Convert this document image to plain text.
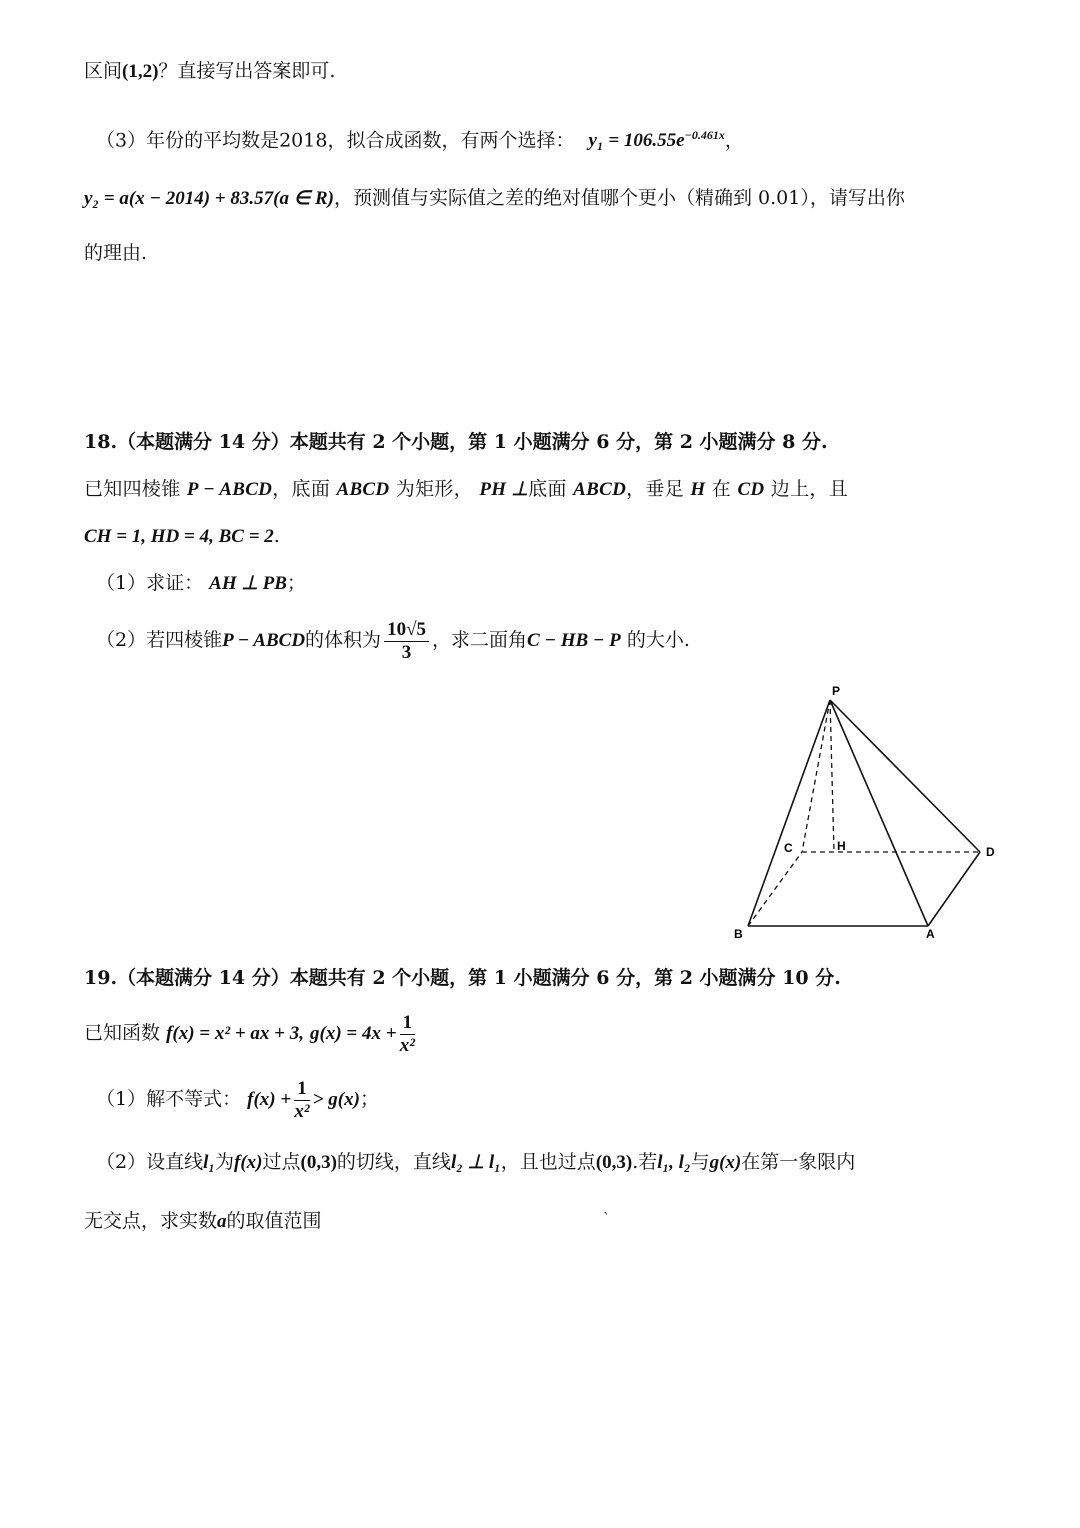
区间(1,2)？直接写出答案即可.
（3）年份的平均数是2018，拟合成函数，有两个选择： $y_1 = 106.55e^{-0.461x}$，
y₂ = a(x − 2014) + 83.57(a ∈ R)，预测值与实际值之差的绝对值哪个更小（精确到 0.01），请写出你
的理由.
18.（本题满分 14 分）本题共有 2 个小题，第 1 小题满分 6 分，第 2 小题满分 8 分.
已知四棱锥 P − ABCD，底面 ABCD 为矩形， PH ⊥底面 ABCD，垂足 H 在 CD 边上，且
CH = 1, HD = 4, BC = 2.
（1）求证： AH ⊥ PB；
（2）若四棱锥P − ABCD的体积为 $\frac{10√5}{3}$ ，求二面角C − HB − P 的大小.
P
C	H	D
B	A
19.（本题满分 14 分）本题共有 2 个小题，第 1 小题满分 6 分，第 2 小题满分 10 分.
已知函数 f(x) = x² + ax + 3, $g(x) = 4x + \frac{1}{\text{x²}}$
（1）解不等式： $f(x) + \frac{1}{\text{x²}} > g(x)$；
（2）设直线l₁为f(x)过点(0,3)的切线，直线l₂ ⊥ l₁，且也过点(0,3).若l₁, l₂与g(x)在第一象限内
无交点，求实数a的取值范围	ˋ
